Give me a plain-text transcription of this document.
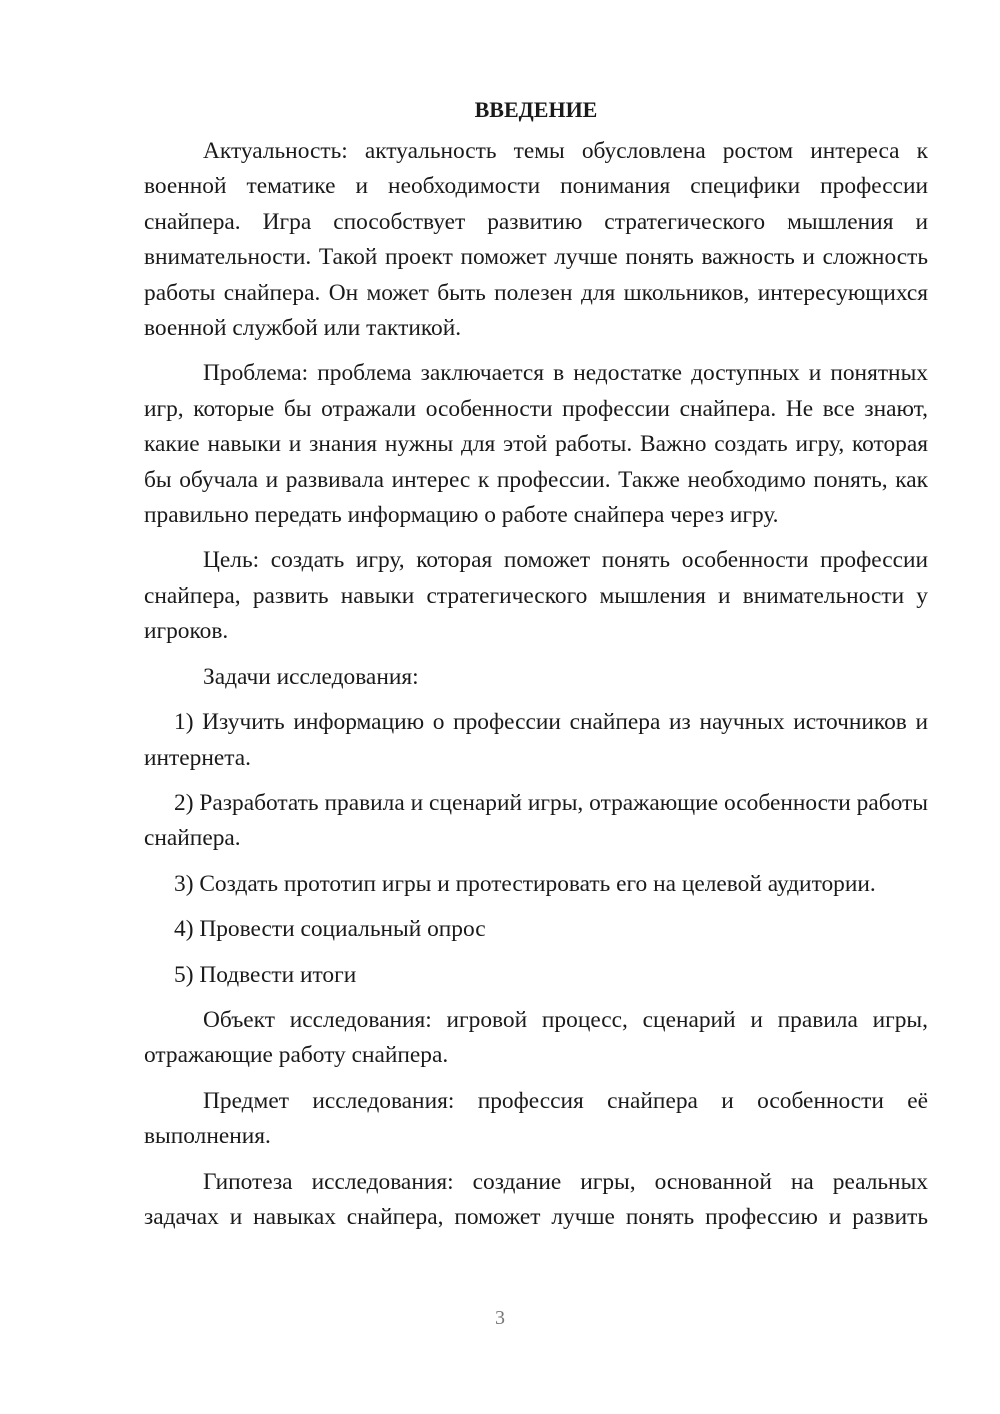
ВВЕДЕНИЕ

Актуальность: актуальность темы обусловлена ростом интереса к военной тематике и необходимости понимания специфики профессии снайпера. Игра способствует развитию стратегического мышления и внимательности. Такой проект поможет лучше понять важность и сложность работы снайпера. Он может быть полезен для школьников, интересующихся военной службой или тактикой.

Проблема: проблема заключается в недостатке доступных и понятных игр, которые бы отражали особенности профессии снайпера. Не все знают, какие навыки и знания нужны для этой работы. Важно создать игру, которая бы обучала и развивала интерес к профессии. Также необходимо понять, как правильно передать информацию о работе снайпера через игру.

Цель: создать игру, которая поможет понять особенности профессии снайпера, развить навыки стратегического мышления и внимательности у игроков.

Задачи исследования:

1) Изучить информацию о профессии снайпера из научных источников и интернета.

2) Разработать правила и сценарий игры, отражающие особенности работы снайпера.

3) Создать прототип игры и протестировать его на целевой аудитории.

4) Провести социальный опрос

5) Подвести итоги

Объект исследования: игровой процесс, сценарий и правила игры, отражающие работу снайпера.

Предмет исследования: профессия снайпера и особенности её выполнения.

Гипотеза исследования: создание игры, основанной на реальных задачах и навыках снайпера, поможет лучше понять профессию и развить

3
